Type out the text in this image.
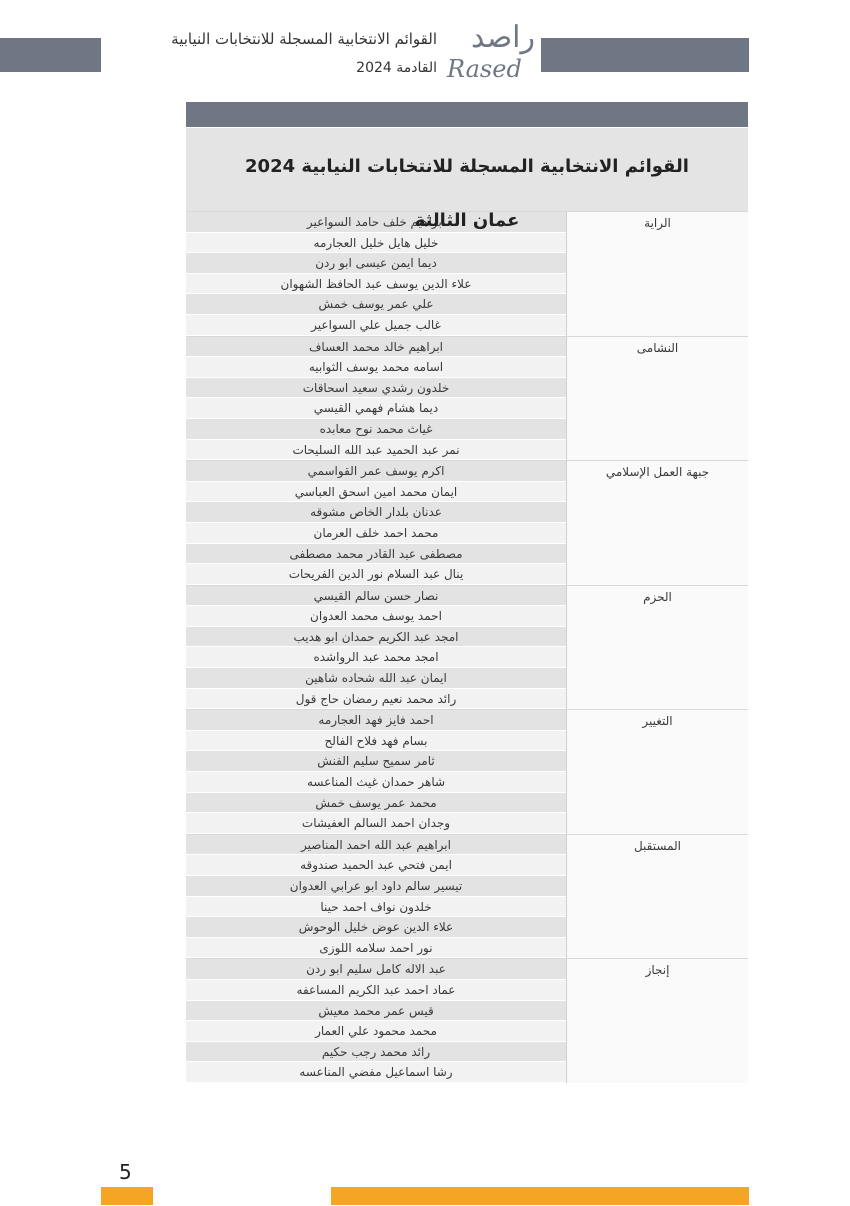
القوائم الانتخابية المسجلة للانتخابات النيابية
القادمة 2024
راصد
Rased
القوائم الانتخابية المسجلة للانتخابات النيابية 2024
عمان الثالثة	الراية
ابراهيم خلف حامد السواعير
خليل هايل خليل العجارمه
ديما ايمن عيسى ابو ردن
علاء الدين يوسف عبد الحافظ الشهوان
علي عمر يوسف خمش
غالب جميل علي السواعير
النشامى
ابراهيم خالد محمد العساف
اسامه محمد يوسف الثوابيه
خلدون رشدي سعيد اسحاقات
ديما هشام فهمي القيسي
غياث محمد نوح معابده
نمر عبد الحميد عبد الله السليحات
جبهة العمل الإسلامي
اكرم يوسف عمر القواسمي
ايمان محمد امين اسحق العباسي
عدنان بلدار الخاص مشوقه
محمد احمد خلف العرمان
مصطفى عبد القادر محمد مصطفى
ينال عبد السلام نور الدين الفريحات
الحزم
نصار حسن سالم القيسي
احمد يوسف محمد العدوان
امجد عبد الكريم حمدان ابو هديب
امجد محمد عبد الرواشده
ايمان عبد الله شحاده شاهين
رائد محمد نعيم رمضان حاج قول
التغيير
احمد فايز فهد العجارمه
بسام فهد فلاح الفالح
ثامر سميح سليم الفنش
شاهر حمدان غيث المناعسه
محمد عمر يوسف خمش
وجدان احمد السالم العفيشات
المستقبل
ابراهيم عبد الله احمد المناصير
ايمن فتحي عبد الحميد صندوقه
تيسير سالم داود ابو عرابي العدوان
خلدون نواف احمد حينا
علاء الدين عوض خليل الوحوش
نور احمد سلامه اللوزى
إنجاز
عبد الاله كامل سليم ابو ردن
عماد احمد عبد الكريم المساعفه
قيس عمر محمد معيش
محمد محمود علي العمار
رائد محمد رجب حكيم
رشا اسماعيل مفضي المناعسه
5
